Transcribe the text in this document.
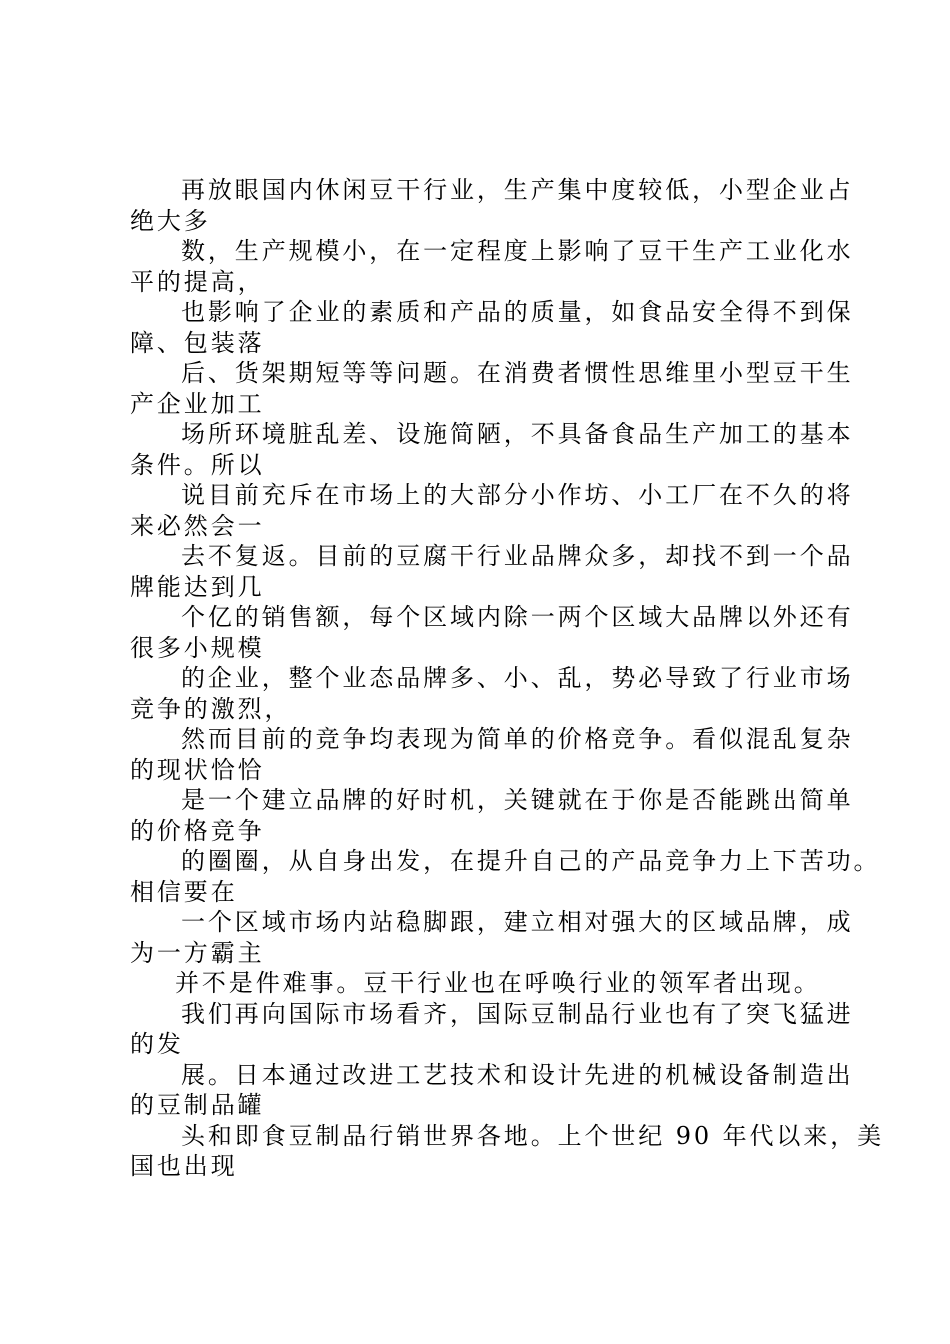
再放眼国内休闲豆干行业，生产集中度较低，小型企业占
绝大多
数，生产规模小，在一定程度上影响了豆干生产工业化水
平的提高，
也影响了企业的素质和产品的质量，如食品安全得不到保
障、包装落
后、货架期短等等问题。在消费者惯性思维里小型豆干生
产企业加工
场所环境脏乱差、设施简陋，不具备食品生产加工的基本
条件。所以
说目前充斥在市场上的大部分小作坊、小工厂在不久的将
来必然会一
去不复返。目前的豆腐干行业品牌众多，却找不到一个品
牌能达到几
个亿的销售额，每个区域内除一两个区域大品牌以外还有
很多小规模
的企业，整个业态品牌多、小、乱，势必导致了行业市场
竞争的激烈，
然而目前的竞争均表现为简单的价格竞争。看似混乱复杂
的现状恰恰
是一个建立品牌的好时机，关键就在于你是否能跳出简单
的价格竞争
的圈圈，从自身出发，在提升自己的产品竞争力上下苦功。
相信要在
一个区域市场内站稳脚跟，建立相对强大的区域品牌，成
为一方霸主
并不是件难事。豆干行业也在呼唤行业的领军者出现。
我们再向国际市场看齐，国际豆制品行业也有了突飞猛进
的发
展。日本通过改进工艺技术和设计先进的机械设备制造出
的豆制品罐
头和即食豆制品行销世界各地。上个世纪 90 年代以来，美
国也出现
